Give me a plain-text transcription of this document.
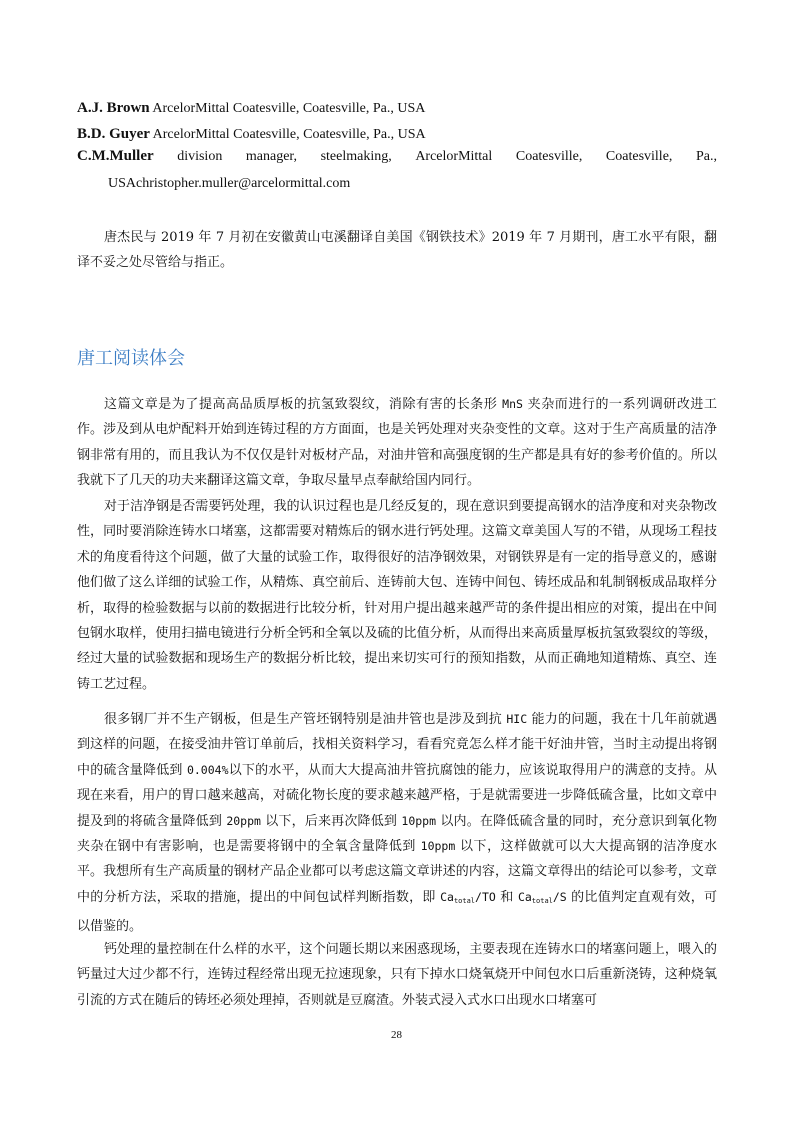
A.J. Brown ArcelorMittal Coatesville, Coatesville, Pa., USA
B.D. Guyer ArcelorMittal Coatesville, Coatesville, Pa., USA
C.M.Muller division manager, steelmaking, ArcelorMittal Coatesville, Coatesville, Pa.,
USAchristopher.muller@arcelormittal.com

唐杰民与 2019 年 7 月初在安徽黄山屯溪翻译自美国《钢铁技术》2019 年 7 月期刊，唐工水平有限，翻译不妥之处尽管给与指正。

唐工阅读体会

这篇文章是为了提高高品质厚板的抗氢致裂纹，消除有害的长条形 MnS 夹杂而进行的一系列调研改进工作。涉及到从电炉配料开始到连铸过程的方方面面，也是关钙处理对夹杂变性的文章。这对于生产高质量的洁净钢非常有用的，而且我认为不仅仅是针对板材产品，对油井管和高强度钢的生产都是具有好的参考价值的。所以我就下了几天的功夫来翻译这篇文章，争取尽量早点奉献给国内同行。

对于洁净钢是否需要钙处理，我的认识过程也是几经反复的，现在意识到要提高钢水的洁净度和对夹杂物改性，同时要消除连铸水口堵塞，这都需要对精炼后的钢水进行钙处理。这篇文章美国人写的不错，从现场工程技术的角度看待这个问题，做了大量的试验工作，取得很好的洁净钢效果，对钢铁界是有一定的指导意义的，感谢他们做了这么详细的试验工作，从精炼、真空前后、连铸前大包、连铸中间包、铸坯成品和轧制钢板成品取样分析，取得的检验数据与以前的数据进行比较分析，针对用户提出越来越严苛的条件提出相应的对策，提出在中间包钢水取样，使用扫描电镜进行分析全钙和全氧以及硫的比值分析，从而得出来高质量厚板抗氢致裂纹的等级，经过大量的试验数据和现场生产的数据分析比较，提出来切实可行的预知指数，从而正确地知道精炼、真空、连铸工艺过程。

很多钢厂并不生产钢板，但是生产管坯钢特别是油井管也是涉及到抗 HIC 能力的问题，我在十几年前就遇到这样的问题，在接受油井管订单前后，找相关资料学习，看看究竟怎么样才能干好油井管，当时主动提出将钢中的硫含量降低到 0.004%以下的水平，从而大大提高油井管抗腐蚀的能力，应该说取得用户的满意的支持。从现在来看，用户的胃口越来越高，对硫化物长度的要求越来越严格，于是就需要进一步降低硫含量，比如文章中提及到的将硫含量降低到 20ppm 以下，后来再次降低到 10ppm 以内。在降低硫含量的同时，充分意识到氧化物夹杂在钢中有害影响，也是需要将钢中的全氧含量降低到 10ppm 以下，这样做就可以大大提高钢的洁净度水平。我想所有生产高质量的钢材产品企业都可以考虑这篇文章讲述的内容，这篇文章得出的结论可以参考，文章中的分析方法，采取的措施，提出的中间包试样判断指数，即 $Ca_{total}/TO$ 和 $Ca_{total}/S$ 的比值判定直观有效，可以借鉴的。

钙处理的量控制在什么样的水平，这个问题长期以来困惑现场，主要表现在连铸水口的堵塞问题上，喂入的钙量过大过少都不行，连铸过程经常出现无拉速现象，只有下掉水口烧氧烧开中间包水口后重新浇铸，这种烧氧引流的方式在随后的铸坯必须处理掉，否则就是豆腐渣。外装式浸入式水口出现水口堵塞可

28
